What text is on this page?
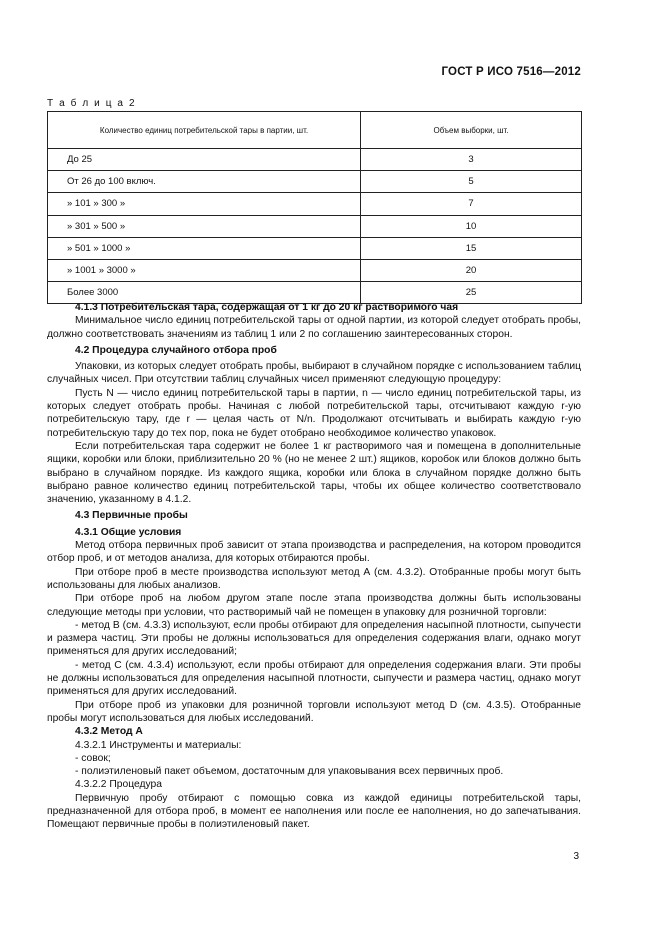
ГОСТ Р ИСО 7516—2012
Т а б л и ц а 2
Количество единиц потребительской тары в партии, шт.	Объем выборки, шт.
До 25	3
От 26 до 100 включ.	5
» 101 » 300 »	7
» 301 » 500 »	10
» 501 » 1000 »	15
» 1001 » 3000 »	20
Более 3000	25

4.1.3 Потребительская тара, содержащая от 1 кг до 20 кг растворимого чая

Минимальное число единиц потребительской тары от одной партии, из которой следует отобрать пробы, должно соответствовать значениям из таблиц 1 или 2 по соглашению заинтересованных сторон.

4.2 Процедура случайного отбора проб

Упаковки, из которых следует отобрать пробы, выбирают в случайном порядке с использованием таблиц случайных чисел. При отсутствии таблиц случайных чисел применяют следующую процедуру:

Пусть N — число единиц потребительской тары в партии, n — число единиц потребительской тары, из которых следует отобрать пробы. Начиная с любой потребительской тары, отсчитывают каждую r-ую потребительскую тару, где r — целая часть от N/n. Продолжают отсчитывать и выбирать каждую r-ую потребительскую тару до тех пор, пока не будет отобрано необходимое количество упаковок.

Если потребительская тара содержит не более 1 кг растворимого чая и помещена в дополнительные ящики, коробки или блоки, приблизительно 20 % (но не менее 2 шт.) ящиков, коробок или блоков должно быть выбрано в случайном порядке. Из каждого ящика, коробки или блока в случайном порядке должно быть выбрано равное количество единиц потребительской тары, чтобы их общее количество соответствовало значению, указанному в 4.1.2.

4.3 Первичные пробы

4.3.1 Общие условия

Метод отбора первичных проб зависит от этапа производства и распределения, на котором проводится отбор проб, и от методов анализа, для которых отбираются пробы.

При отборе проб в месте производства используют метод А (см. 4.3.2). Отобранные пробы могут быть использованы для любых анализов.

При отборе проб на любом другом этапе после этапа производства должны быть использованы следующие методы при условии, что растворимый чай не помещен в упаковку для розничной торговли:

- метод В (см. 4.3.3) используют, если пробы отбирают для определения насыпной плотности, сыпучести и размера частиц. Эти пробы не должны использоваться для определения содержания влаги, однако могут применяться для других исследований;

- метод С (см. 4.3.4) используют, если пробы отбирают для определения содержания влаги. Эти пробы не должны использоваться для определения насыпной плотности, сыпучести и размера частиц, однако могут применяться для других исследований.

При отборе проб из упаковки для розничной торговли используют метод D (см. 4.3.5). Отобранные пробы могут использоваться для любых исследований.

4.3.2 Метод А

4.3.2.1 Инструменты и материалы:

- совок;

- полиэтиленовый пакет объемом, достаточным для упаковывания всех первичных проб.

4.3.2.2 Процедура

Первичную пробу отбирают с помощью совка из каждой единицы потребительской тары, предназначенной для отбора проб, в момент ее наполнения или после ее наполнения, но до запечатывания. Помещают первичные пробы в полиэтиленовый пакет.

3
